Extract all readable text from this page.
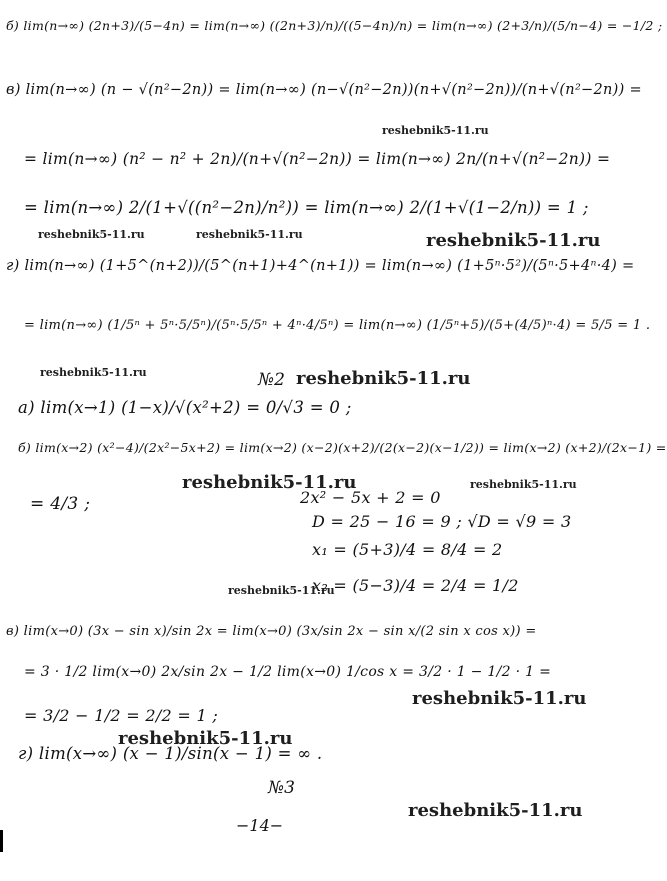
б) lim(n→∞) (2n+3)/(5−4n) = lim(n→∞) ((2n+3)/n)/((5−4n)/n) = lim(n→∞) (2+3/n)/(5/n−4) = −1/2 ;
в) lim(n→∞) (n − √(n²−2n)) = lim(n→∞) (n−√(n²−2n))(n+√(n²−2n))/(n+√(n²−2n)) =
= lim(n→∞) (n² − n² + 2n)/(n+√(n²−2n)) = lim(n→∞) 2n/(n+√(n²−2n)) =
= lim(n→∞) 2/(1+√((n²−2n)/n²)) = lim(n→∞) 2/(1+√(1−2/n)) = 1 ;
г) lim(n→∞) (1+5^(n+2))/(5^(n+1)+4^(n+1)) = lim(n→∞) (1+5ⁿ·5²)/(5ⁿ·5+4ⁿ·4) =
= lim(n→∞) (1/5ⁿ + 5ⁿ·5/5ⁿ)/(5ⁿ·5/5ⁿ + 4ⁿ·4/5ⁿ) = lim(n→∞) (1/5ⁿ+5)/(5+(4/5)ⁿ·4) = 5/5 = 1 .
№2
а) lim(x→1) (1−x)/√(x²+2) = 0/√3 = 0 ;
б) lim(x→2) (x²−4)/(2x²−5x+2) = lim(x→2) (x−2)(x+2)/(2(x−2)(x−1/2)) = lim(x→2) (x+2)/(2x−1) =
= 4/3 ;	2x² − 5x + 2 = 0
D = 25 − 16 = 9 ; √D = √9 = 3
x₁ = (5+3)/4 = 8/4 = 2
x₂ = (5−3)/4 = 2/4 = 1/2
в) lim(x→0) (3x − sin x)/sin 2x = lim(x→0) (3x/sin 2x − sin x/(2 sin x cos x)) =
= 3 · 1/2 lim(x→0) 2x/sin 2x − 1/2 lim(x→0) 1/cos x = 3/2 · 1 − 1/2 · 1 =
= 3/2 − 1/2 = 2/2 = 1 ;
г) lim(x→∞) (x − 1)/sin(x − 1) = ∞ .
№3
−14−
reshebnik5-11.ru
reshebnik5-11.ru
reshebnik5-11.ru	reshebnik5-11.ru
reshebnik5-11.ru	reshebnik5-11.ru
reshebnik5-11.ru	reshebnik5-11.ru
reshebnik5-11.ru
reshebnik5-11.ru
reshebnik5-11.ru
reshebnik5-11.ru
